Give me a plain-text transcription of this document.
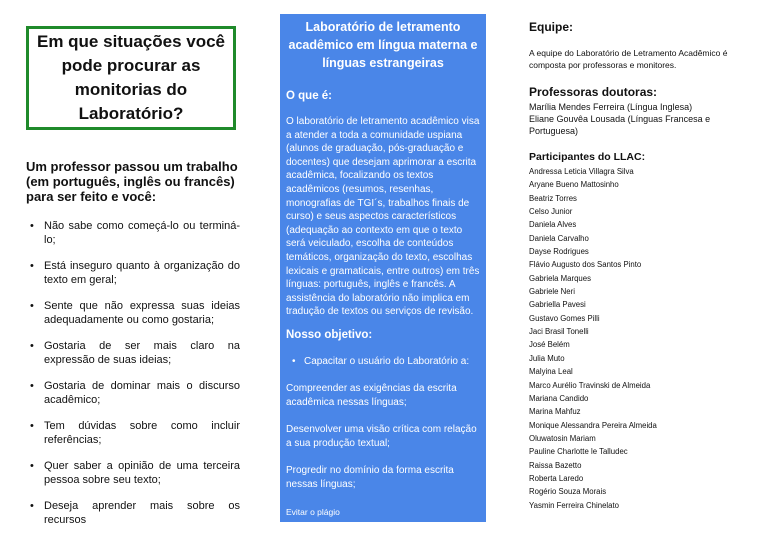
Em que situações você pode procurar as monitorias do Laboratório?

Um professor passou um trabalho (em português, inglês ou francês) para ser feito e você:

• Não sabe como começá-lo ou terminá-lo;
• Está inseguro quanto à organização do texto em geral;
• Sente que não expressa suas ideias adequadamente ou como gostaria;
• Gostaria de ser mais claro na expressão de suas ideias;
• Gostaria de dominar mais o discurso acadêmico;
• Tem dúvidas sobre como incluir referências;
• Quer saber a opinião de uma terceira pessoa sobre seu texto;
• Deseja aprender mais sobre os recursos

Laboratório de letramento acadêmico em língua materna e línguas estrangeiras

O que é:

O laboratório de letramento acadêmico visa a atender a toda a comunidade uspiana (alunos de graduação, pós-graduação e docentes) que desejam aprimorar a escrita acadêmica, focalizando os textos acadêmicos (resumos, resenhas, monografias de TGI´s, trabalhos finais de curso) e seus aspectos característicos (adequação ao contexto em que o texto será veiculado, escolha de conteúdos temáticos, organização do texto, escolhas lexicais e gramaticais, entre outros) em três línguas: português, inglês e francês. A assistência do laboratório não implica em tradução de textos ou serviços de revisão.

Nosso objetivo:

• Capacitar o usuário do Laboratório a:

Compreender as exigências da escrita acadêmica nessas línguas;

Desenvolver uma visão crítica com relação a sua produção textual;

Progredir no domínio da forma escrita nessas línguas;

Evitar o plágio

Equipe:

A equipe do Laboratório de Letramento Acadêmico é composta por professoras e monitores.

Professoras doutoras:

Marília Mendes Ferreira (Língua Inglesa)
Eliane Gouvêa Lousada (Línguas Francesa e Portuguesa)

Participantes do LLAC:

Andressa Leticia Villagra Silva
Aryane Bueno Mattosinho
Beatriz Torres
Celso Junior
Daniela Alves
Daniela Carvalho
Dayse Rodrigues
Flávio Augusto dos Santos Pinto
Gabriela Marques
Gabriele Neri
Gabriella Pavesi
Gustavo Gomes Pilli
Jaci Brasil Tonelli
José Belém
Julia Muto
Malyina Leal
Marco Aurélio Travinski de Almeida
Mariana Candido
Marina Mahfuz
Monique Alessandra Pereira Almeida
Oluwatosin Mariam
Pauline Charlotte le Talludec
Raissa Bazetto
Roberta Laredo
Rogério Souza Morais
Yasmin Ferreira Chinelato
